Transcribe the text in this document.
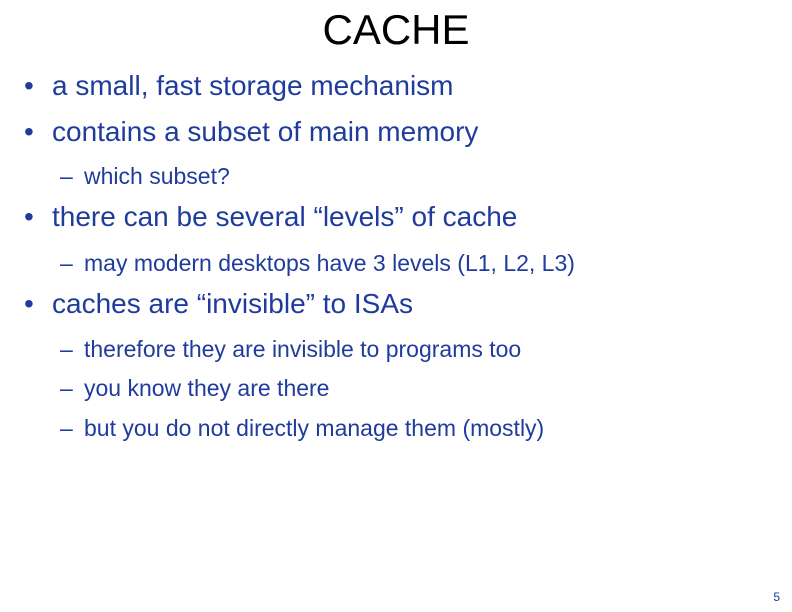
CACHE
• a small, fast storage mechanism
• contains a subset of main memory
– which subset?
• there can be several “levels” of cache
– may modern desktops have 3 levels (L1, L2, L3)
• caches are “invisible” to ISAs
– therefore they are invisible to programs too
– you know they are there
– but you do not directly manage them (mostly)
5
